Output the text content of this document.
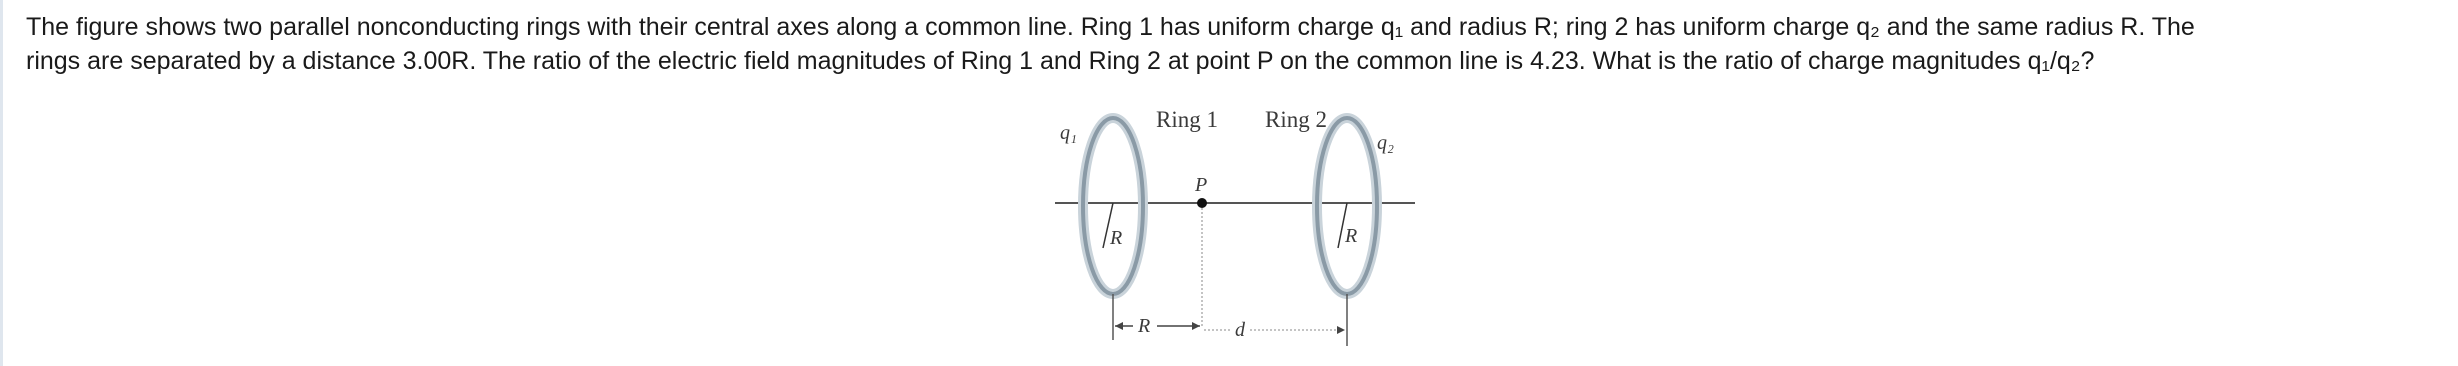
The figure shows two parallel nonconducting rings with their central axes along a common line. Ring 1 has uniform charge q₁ and radius R; ring 2 has uniform charge q₂ and the same radius R. The
rings are separated by a distance 3.00R. The ratio of the electric field magnitudes of Ring 1 and Ring 2 at point P on the common line is 4.23. What is the ratio of charge magnitudes q₁/q₂?
Ring 1 Ring 2
q₁	q₂
P
R	R
R	d
